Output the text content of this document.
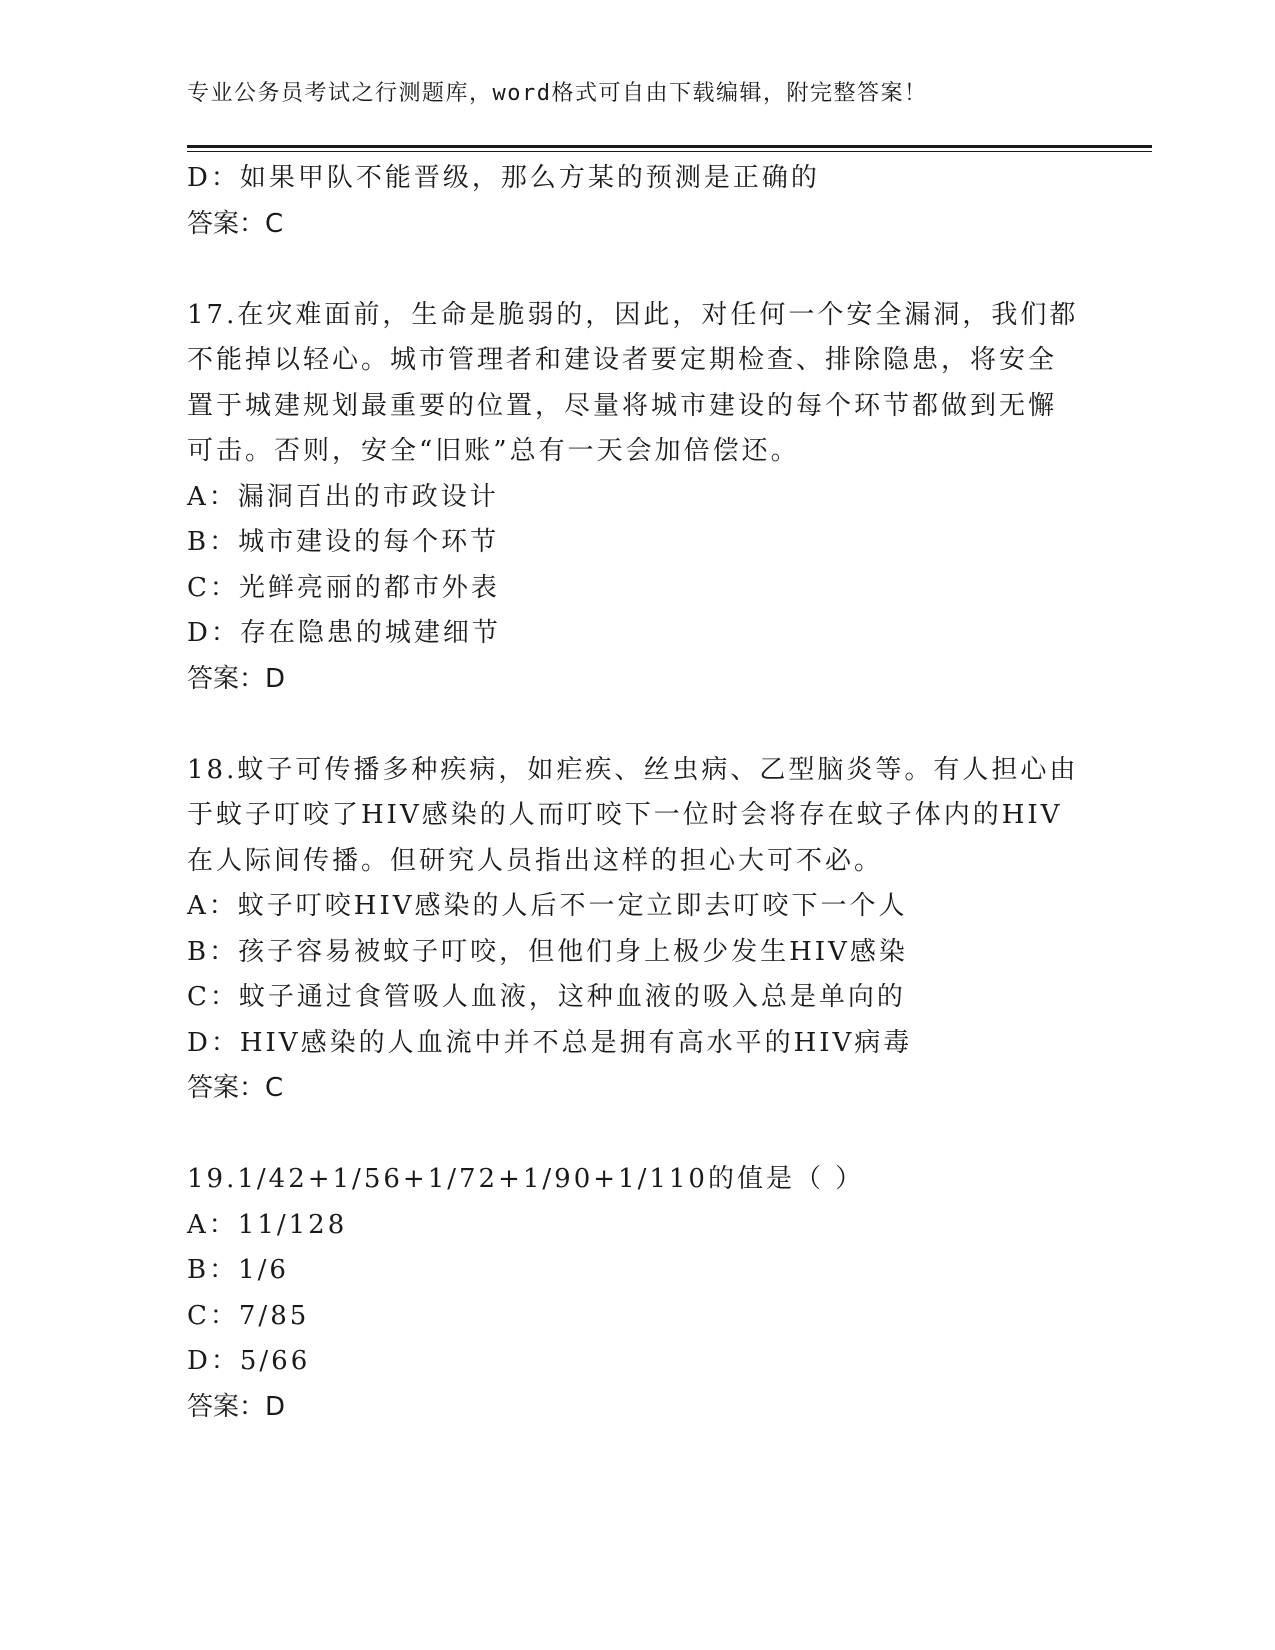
专业公务员考试之行测题库，word格式可自由下载编辑，附完整答案！
D：如果甲队不能晋级，那么方某的预测是正确的
答案：C
17.在灾难面前，生命是脆弱的，因此，对任何一个安全漏洞，我们都
不能掉以轻心。城市管理者和建设者要定期检查、排除隐患，将安全
置于城建规划最重要的位置，尽量将城市建设的每个环节都做到无懈
可击。否则，安全“旧账”总有一天会加倍偿还。
A：漏洞百出的市政设计
B：城市建设的每个环节
C：光鲜亮丽的都市外表
D：存在隐患的城建细节
答案：D
18.蚊子可传播多种疾病，如疟疾、丝虫病、乙型脑炎等。有人担心由
于蚊子叮咬了HIV感染的人而叮咬下一位时会将存在蚊子体内的HIV
在人际间传播。但研究人员指出这样的担心大可不必。
A：蚊子叮咬HIV感染的人后不一定立即去叮咬下一个人
B：孩子容易被蚊子叮咬，但他们身上极少发生HIV感染
C：蚊子通过食管吸人血液，这种血液的吸入总是单向的
D：HIV感染的人血流中并不总是拥有高水平的HIV病毒
答案：C
19.1/42+1/56+1/72+1/90+1/110的值是（ ）
A：11/128
B：1/6
C：7/85
D：5/66
答案：D
